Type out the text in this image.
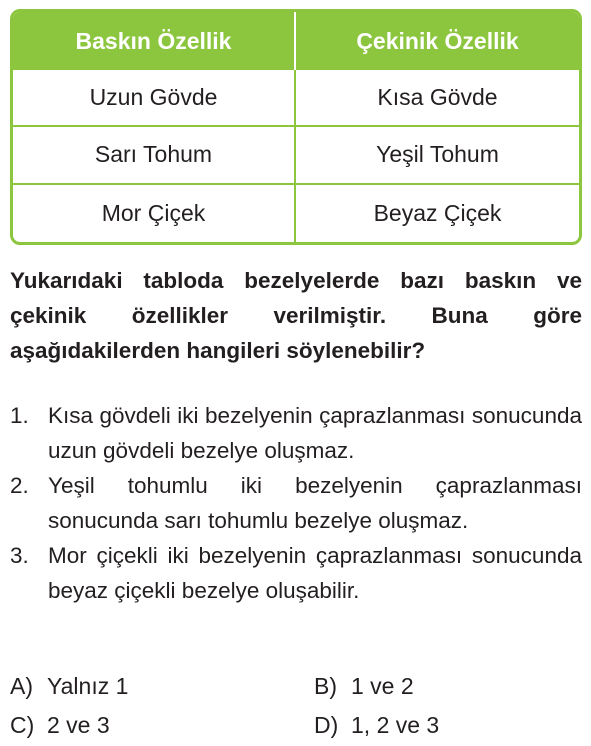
Baskın Özellik	Çekinik Özellik
Uzun Gövde	Kısa Gövde
Sarı Tohum	Yeşil Tohum
Mor Çiçek	Beyaz Çiçek
Yukarıdaki tabloda bezelyelerde bazı baskın ve çekinik özellikler verilmiştir. Buna göre aşağıdakilerden hangileri söylenebilir?
1. Kısa gövdeli iki bezelyenin çaprazlanması sonucunda uzun gövdeli bezelye oluşmaz.
2. Yeşil tohumlu iki bezelyenin çaprazlanması sonucunda sarı tohumlu bezelye oluşmaz.
3. Mor çiçekli iki bezelyenin çaprazlanması sonucunda beyaz çiçekli bezelye oluşabilir.
A) Yalnız 1	B) 1 ve 2
C) 2 ve 3	D) 1, 2 ve 3
